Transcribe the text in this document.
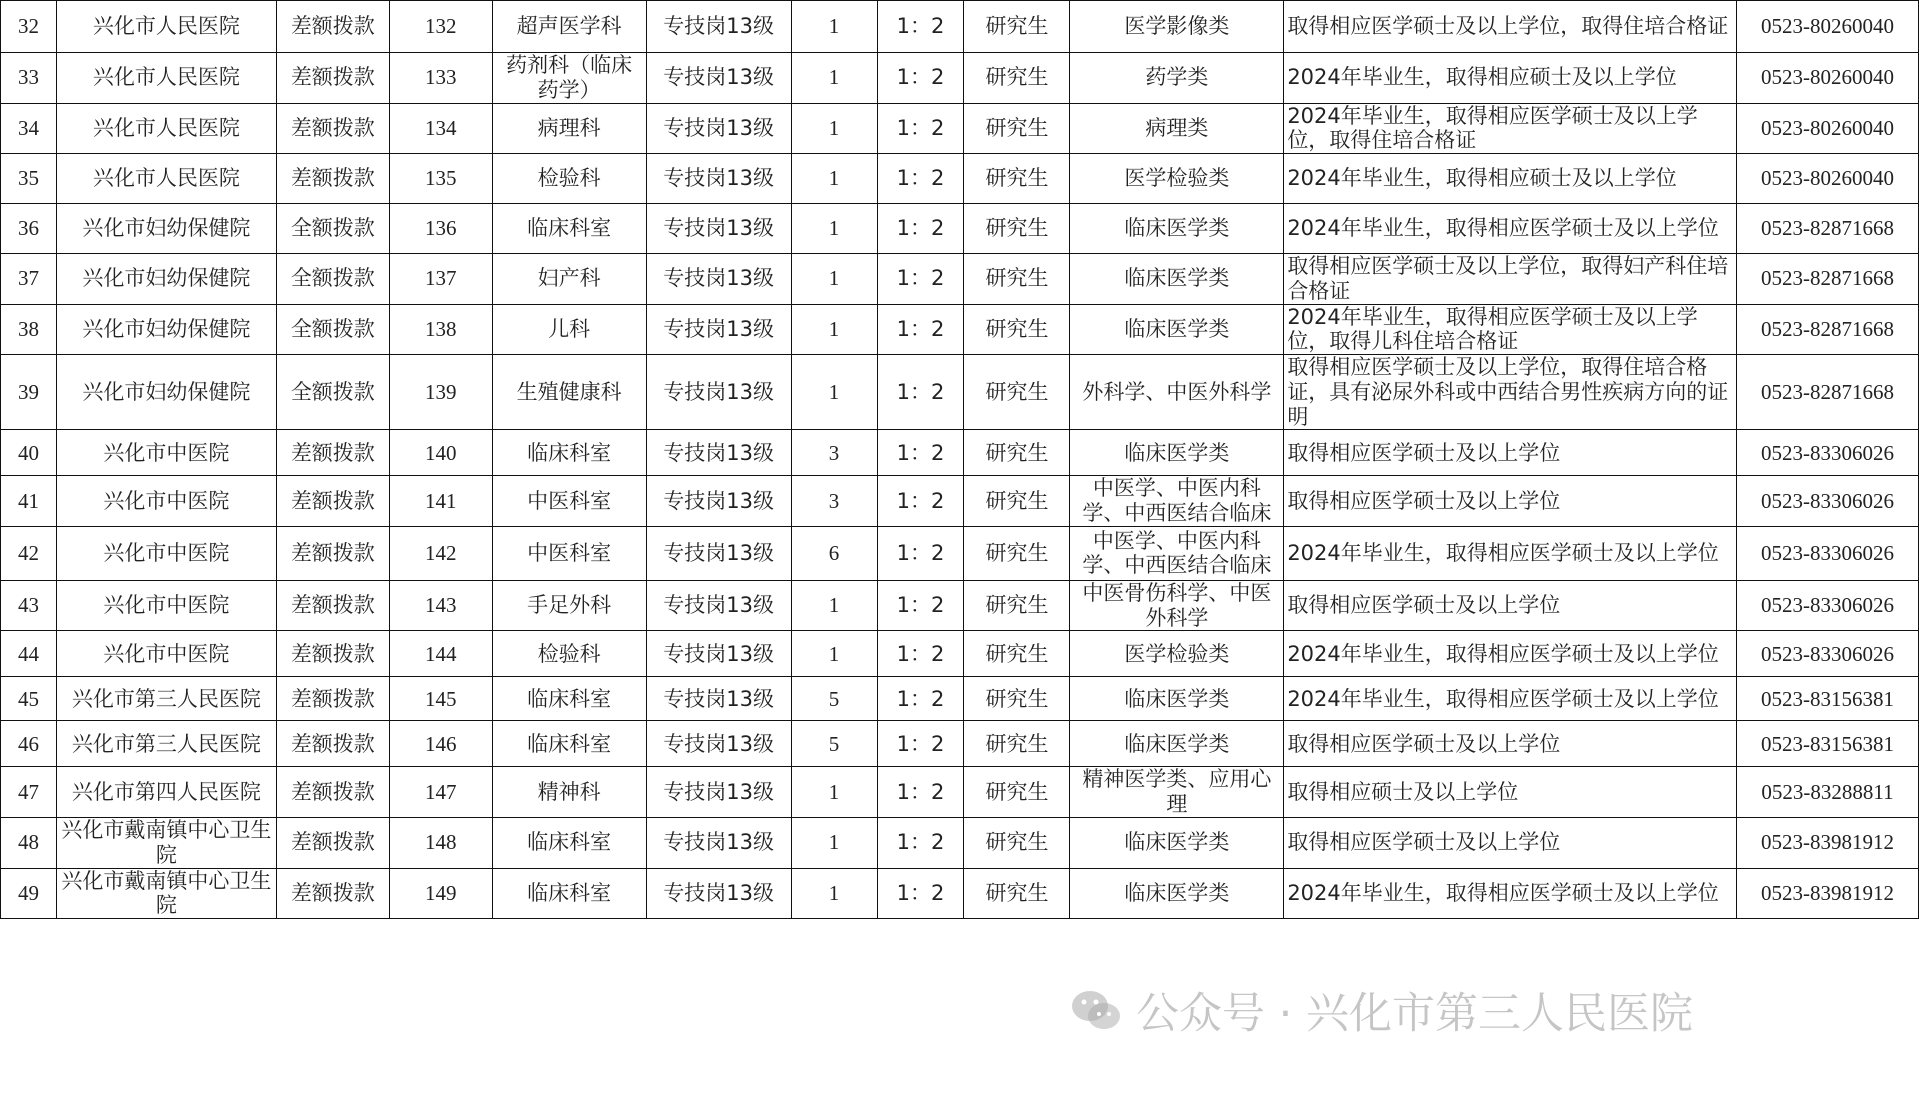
32	兴化市人民医院	差额拨款	132	超声医学科	专技岗13级	1	1：2	研究生	医学影像类	取得相应医学硕士及以上学位，取得住培合格证	0523-80260040
33	兴化市人民医院	差额拨款	133	药剂科（临床药学）	专技岗13级	1	1：2	研究生	药学类	2024年毕业生，取得相应硕士及以上学位	0523-80260040
34	兴化市人民医院	差额拨款	134	病理科	专技岗13级	1	1：2	研究生	病理类	2024年毕业生，取得相应医学硕士及以上学位，取得住培合格证	0523-80260040
35	兴化市人民医院	差额拨款	135	检验科	专技岗13级	1	1：2	研究生	医学检验类	2024年毕业生，取得相应硕士及以上学位	0523-80260040
36	兴化市妇幼保健院	全额拨款	136	临床科室	专技岗13级	1	1：2	研究生	临床医学类	2024年毕业生，取得相应医学硕士及以上学位	0523-82871668
37	兴化市妇幼保健院	全额拨款	137	妇产科	专技岗13级	1	1：2	研究生	临床医学类	取得相应医学硕士及以上学位，取得妇产科住培合格证	0523-82871668
38	兴化市妇幼保健院	全额拨款	138	儿科	专技岗13级	1	1：2	研究生	临床医学类	2024年毕业生，取得相应医学硕士及以上学位，取得儿科住培合格证	0523-82871668
39	兴化市妇幼保健院	全额拨款	139	生殖健康科	专技岗13级	1	1：2	研究生	外科学、中医外科学	取得相应医学硕士及以上学位，取得住培合格证，具有泌尿外科或中西结合男性疾病方向的证明	0523-82871668
40	兴化市中医院	差额拨款	140	临床科室	专技岗13级	3	1：2	研究生	临床医学类	取得相应医学硕士及以上学位	0523-83306026
41	兴化市中医院	差额拨款	141	中医科室	专技岗13级	3	1：2	研究生	中医学、中医内科学、中西医结合临床	取得相应医学硕士及以上学位	0523-83306026
42	兴化市中医院	差额拨款	142	中医科室	专技岗13级	6	1：2	研究生	中医学、中医内科学、中西医结合临床	2024年毕业生，取得相应医学硕士及以上学位	0523-83306026
43	兴化市中医院	差额拨款	143	手足外科	专技岗13级	1	1：2	研究生	中医骨伤科学、中医外科学	取得相应医学硕士及以上学位	0523-83306026
44	兴化市中医院	差额拨款	144	检验科	专技岗13级	1	1：2	研究生	医学检验类	2024年毕业生，取得相应医学硕士及以上学位	0523-83306026
45	兴化市第三人民医院	差额拨款	145	临床科室	专技岗13级	5	1：2	研究生	临床医学类	2024年毕业生，取得相应医学硕士及以上学位	0523-83156381
46	兴化市第三人民医院	差额拨款	146	临床科室	专技岗13级	5	1：2	研究生	临床医学类	取得相应医学硕士及以上学位	0523-83156381
47	兴化市第四人民医院	差额拨款	147	精神科	专技岗13级	1	1：2	研究生	精神医学类、应用心理	取得相应硕士及以上学位	0523-83288811
48	兴化市戴南镇中心卫生院	差额拨款	148	临床科室	专技岗13级	1	1：2	研究生	临床医学类	取得相应医学硕士及以上学位	0523-83981912
49	兴化市戴南镇中心卫生院	差额拨款	149	临床科室	专技岗13级	1	1：2	研究生	临床医学类	2024年毕业生，取得相应医学硕士及以上学位	0523-83981912
公众号 · 兴化市第三人民医院
